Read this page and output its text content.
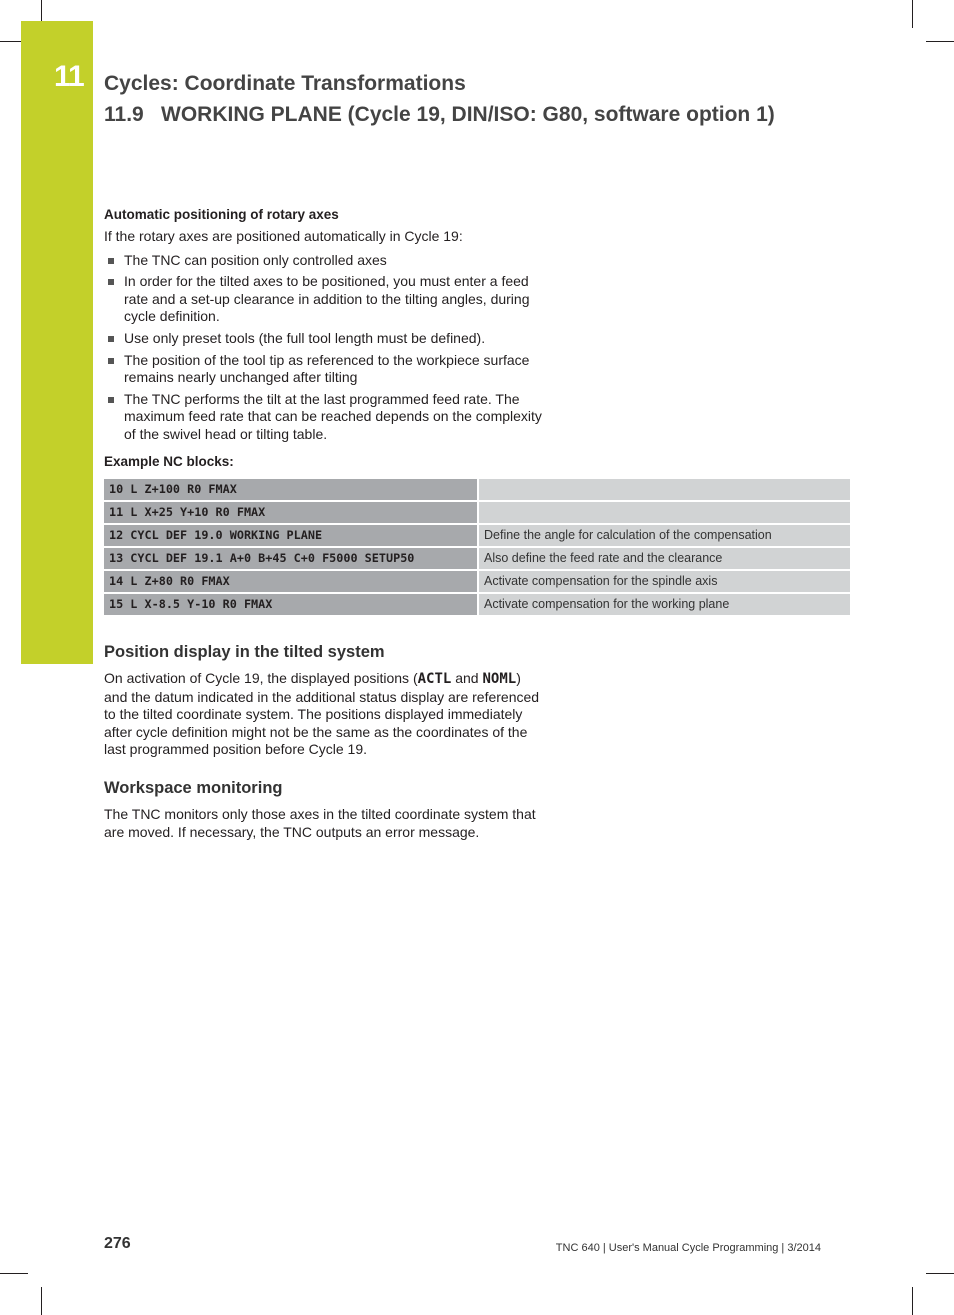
11 Cycles: Coordinate Transformations
11.9 WORKING PLANE (Cycle 19, DIN/ISO: G80, software option 1)
Automatic positioning of rotary axes

If the rotary axes are positioned automatically in Cycle 19:

The TNC can position only controlled axes
In order for the tilted axes to be positioned, you must enter a feed rate and a set-up clearance in addition to the tilting angles, during cycle definition.
Use only preset tools (the full tool length must be defined).
The position of the tool tip as referenced to the workpiece surface remains nearly unchanged after tilting
The TNC performs the tilt at the last programmed feed rate. The maximum feed rate that can be reached depends on the complexity of the swivel head or tilting table.
Example NC blocks:
10 L Z+100 R0 FMAX		
11 L X+25 Y+10 R0 FMAX		
12 CYCL DEF 19.0 WORKING PLANE		Define the angle for calculation of the compensation
13 CYCL DEF 19.1 A+0 B+45 C+0 F5000 SETUP50		Also define the feed rate and the clearance
14 L Z+80 R0 FMAX		Activate compensation for the spindle axis
15 L X-8.5 Y-10 R0 FMAX		Activate compensation for the working plane
Position display in the tilted system

On activation of Cycle 19, the displayed positions (ACTL and NOML) and the datum indicated in the additional status display are referenced to the tilted coordinate system. The positions displayed immediately after cycle definition might not be the same as the coordinates of the last programmed position before Cycle 19.

Workspace monitoring

The TNC monitors only those axes in the tilted coordinate system that are moved. If necessary, the TNC outputs an error message.

276	TNC 640 | User's Manual Cycle Programming | 3/2014
